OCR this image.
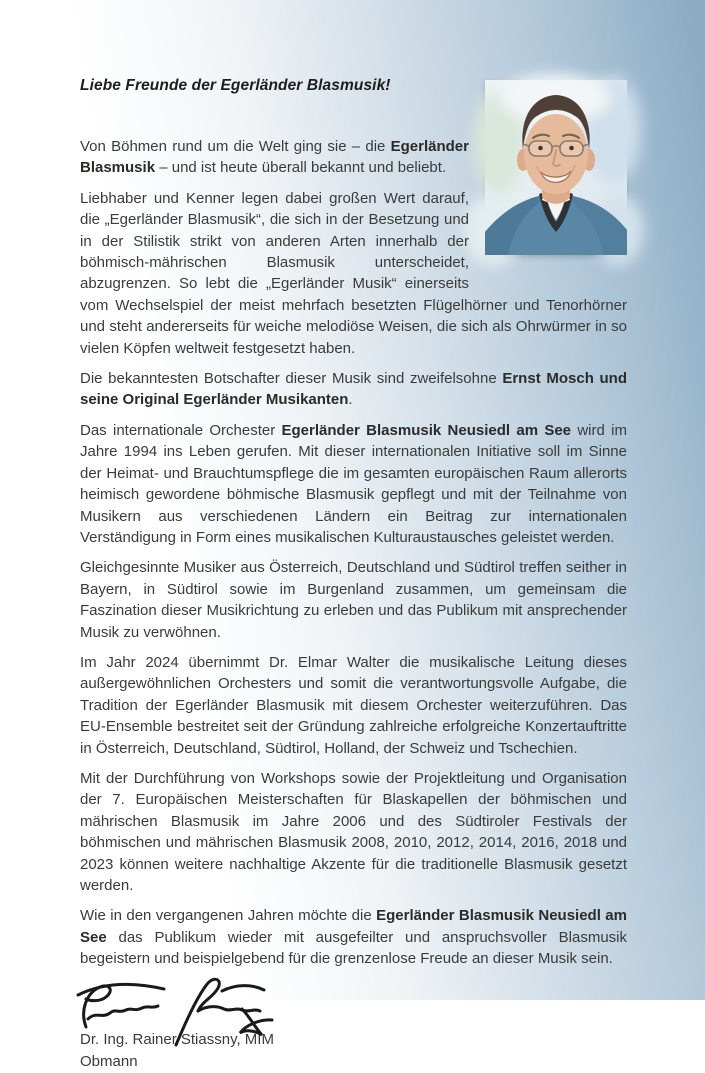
Liebe Freunde der Egerländer Blasmusik!

Von Böhmen rund um die Welt ging sie – die Egerländer Blasmusik – und ist heute überall bekannt und beliebt.

Liebhaber und Kenner legen dabei großen Wert darauf, die „Egerländer Blasmusik“, die sich in der Besetzung und in der Stilistik strikt von anderen Arten innerhalb der böhmisch-mährischen Blasmusik unterscheidet, abzugrenzen. So lebt die „Egerländer Musik“ einerseits vom Wechselspiel der meist mehrfach besetzten Flügelhörner und Tenorhörner und steht andererseits für weiche melodiöse Weisen, die sich als Ohrwürmer in so vielen Köpfen weltweit festgesetzt haben.

Die bekanntesten Botschafter dieser Musik sind zweifelsohne Ernst Mosch und seine Original Egerländer Musikanten.

Das internationale Orchester Egerländer Blasmusik Neusiedl am See wird im Jahre 1994 ins Leben gerufen. Mit dieser internationalen Initiative soll im Sinne der Heimat- und Brauchtumspflege die im gesamten europäischen Raum allerorts heimisch gewordene böhmische Blasmusik gepflegt und mit der Teilnahme von Musikern aus verschiedenen Ländern ein Beitrag zur internationalen Verständigung in Form eines musikalischen Kulturaustausches geleistet werden.

Gleichgesinnte Musiker aus Österreich, Deutschland und Südtirol treffen seither in Bayern, in Südtirol sowie im Burgenland zusammen, um gemeinsam die Faszination dieser Musikrichtung zu erleben und das Publikum mit ansprechender Musik zu verwöhnen.

Im Jahr 2024 übernimmt Dr. Elmar Walter die musikalische Leitung dieses außergewöhnlichen Orchesters und somit die verantwortungsvolle Aufgabe, die Tradition der Egerländer Blasmusik mit diesem Orchester weiterzuführen. Das EU-Ensemble bestreitet seit der Gründung zahlreiche erfolgreiche Konzertauftritte in Österreich, Deutschland, Südtirol, Holland, der Schweiz und Tschechien.

Mit der Durchführung von Workshops sowie der Projektleitung und Organisation der 7. Europäischen Meisterschaften für Blaskapellen der böhmischen und mährischen Blasmusik im Jahre 2006 und des Südtiroler Festivals der böhmischen und mährischen Blasmusik 2008, 2010, 2012, 2014, 2016, 2018 und 2023 können weitere nachhaltige Akzente für die traditionelle Blasmusik gesetzt werden.

Wie in den vergangenen Jahren möchte die Egerländer Blasmusik Neusiedl am See das Publikum wieder mit ausgefeilter und anspruchsvoller Blasmusik begeistern und beispielgebend für die grenzenlose Freude an dieser Musik sein.

Dr. Ing. Rainer Stiassny, MIM
Obmann
